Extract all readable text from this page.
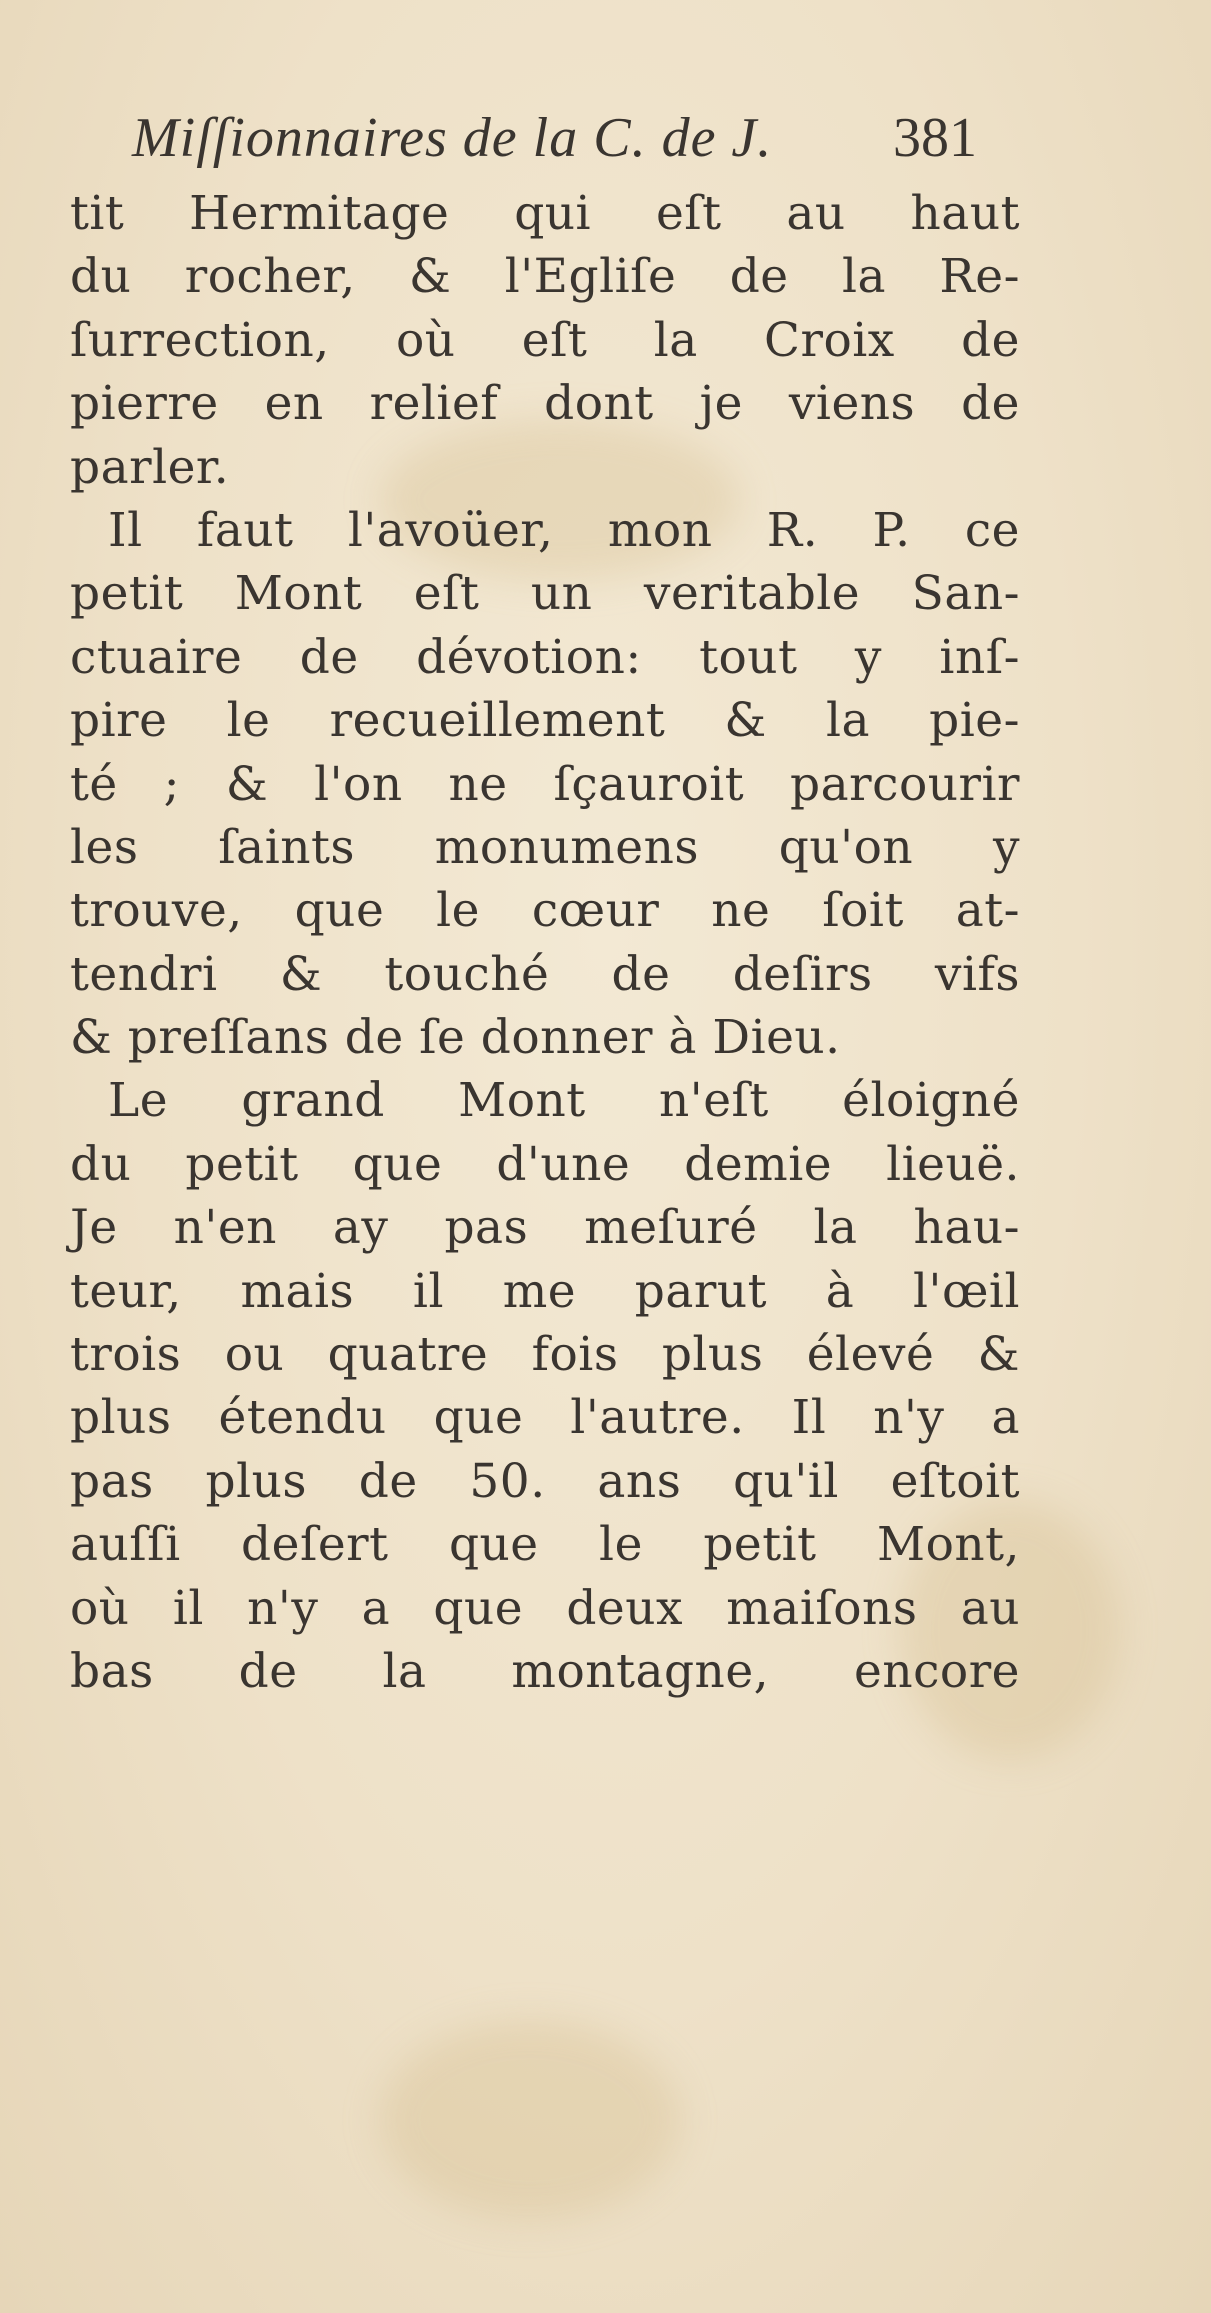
Miſſionnaires de la C. de J. 381
tit Hermitage qui eſt au haut
du rocher, & l'Egliſe de la Re-
ſurrection, où eſt la Croix de
pierre en relief dont je viens de
parler.
Il faut l'avoüer, mon R. P. ce
petit Mont eſt un veritable San-
ctuaire de dévotion: tout y inſ-
pire le recueillement & la pie-
té ; & l'on ne ſçauroit parcourir
les ſaints monumens qu'on y
trouve, que le cœur ne ſoit at-
tendri & touché de deſirs vifs
& preſſans de ſe donner à Dieu.
Le grand Mont n'eſt éloigné
du petit que d'une demie lieuë.
Je n'en ay pas meſuré la hau-
teur, mais il me parut à l'œil
trois ou quatre fois plus élevé &
plus étendu que l'autre. Il n'y a
pas plus de 50. ans qu'il eſtoit
auſſi deſert que le petit Mont,
où il n'y a que deux maiſons au
bas de la montagne, encore
